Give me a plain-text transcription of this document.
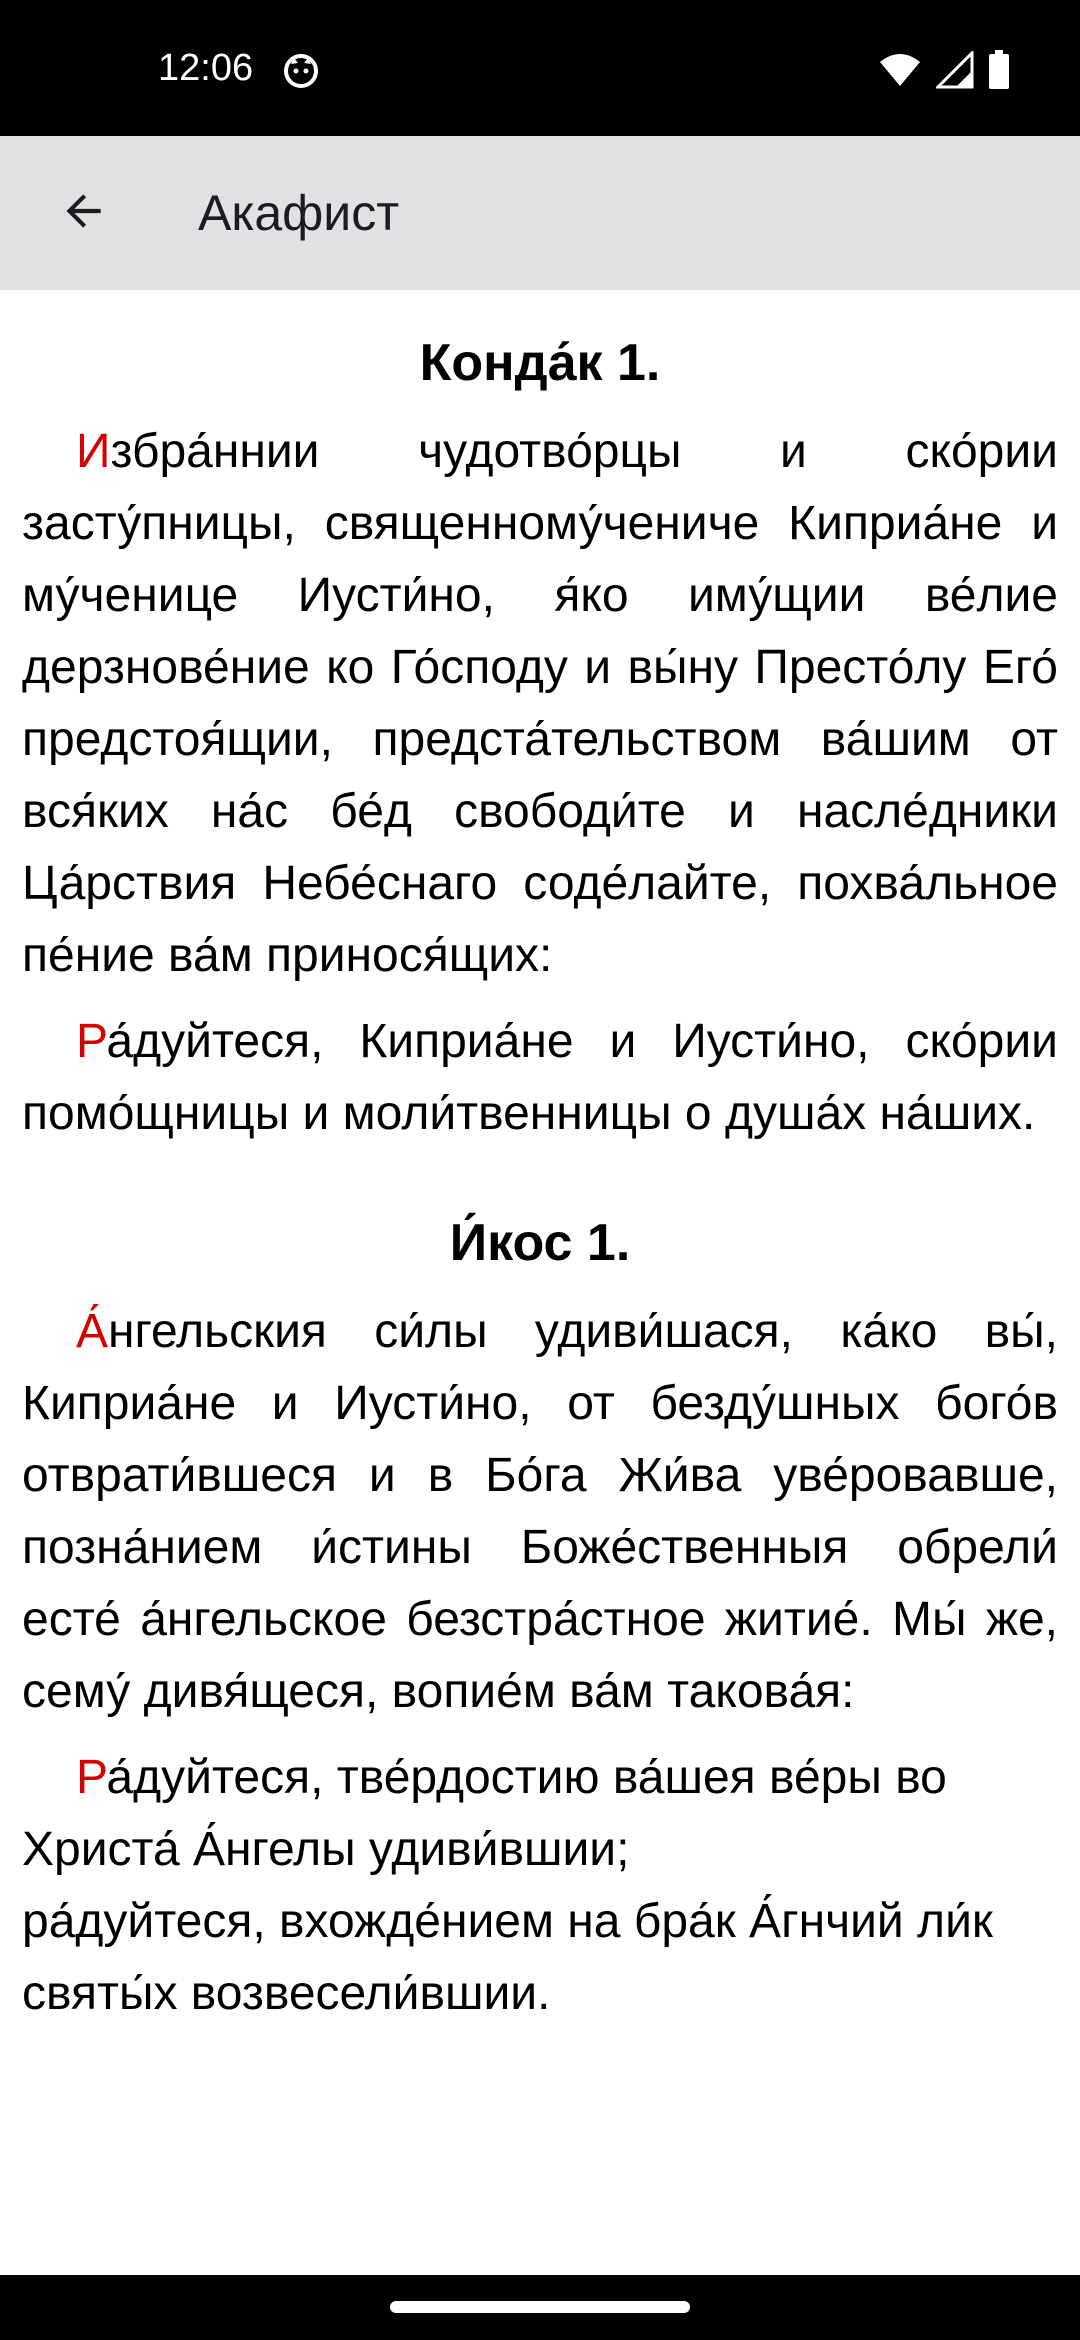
12:06
Акафист
Конда́к 1.

Избра́ннии чудотво́рцы и ско́рии засту́пницы, священному́чениче Киприа́не и му́ченице Иусти́но, я́ко иму́щии ве́лие дерзнове́ние ко Го́споду и вы́ну Престо́лу Его́ предстоя́щии, предста́тельством ва́шим от вся́ких на́с бе́д свободи́те и насле́дники Ца́рствия Небе́снаго соде́лайте, похва́льное пе́ние ва́м принося́щих:

Ра́дуйтеся, Киприа́не и Иусти́но, ско́рии помо́щницы и моли́твенницы о душа́х на́ших.

И́кос 1.

А́нгельския си́лы удиви́шася, ка́ко вы́, Киприа́не и Иусти́но, от безду́шных бого́в отврати́вшеся и в Бо́га Жи́ва уве́ровавше, позна́нием и́стины Боже́ственныя обрели́ есте́ а́нгельское безстра́стное житие́. Мы́ же, сему́ дивя́щеся, вопие́м ва́м такова́я:

Ра́дуйтеся, тве́рдостию ва́шея ве́ры во Христа́ А́нгелы удиви́вшии;

ра́дуйтеся, вхожде́нием на бра́к А́гнчий ли́к святы́х возвесели́вшии.
